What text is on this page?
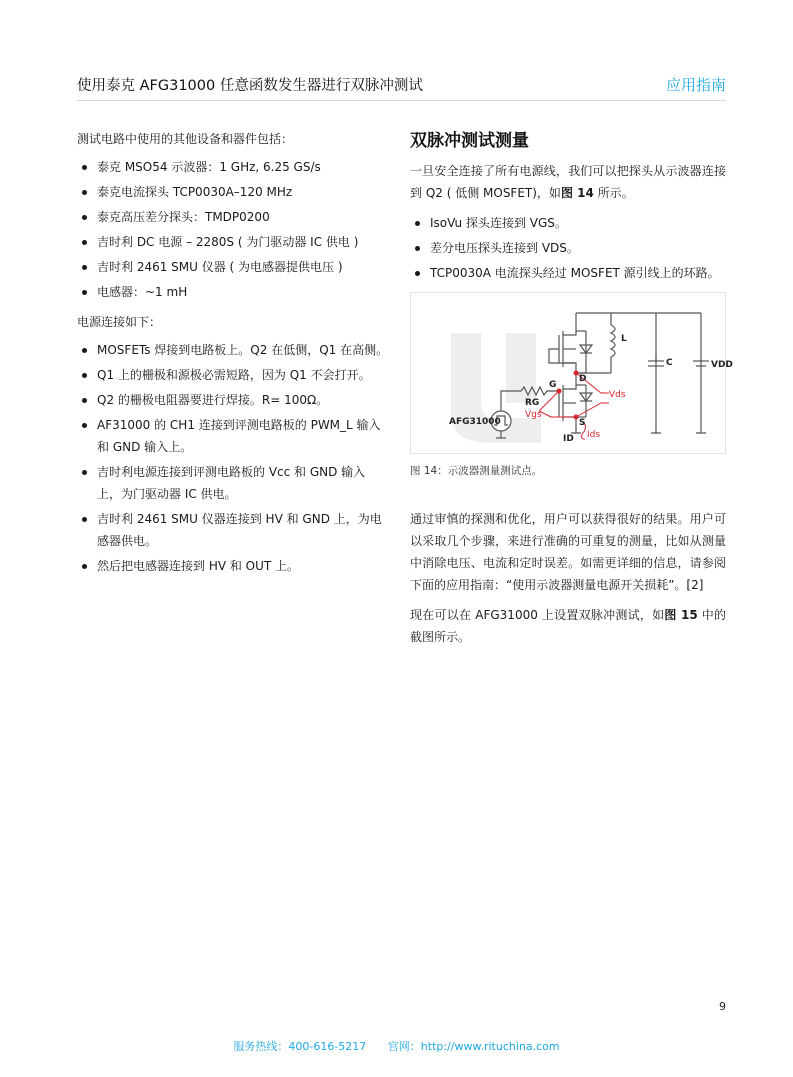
使用泰克 AFG31000 任意函数发生器进行双脉冲测试	应用指南

测试电路中使用的其他设备和器件包括：

泰克 MSO54 示波器：1 GHz, 6.25 GS/s
泰克电流探头 TCP0030A–120 MHz
泰克高压差分探头：TMDP0200
吉时利 DC 电源 – 2280S ( 为门驱动器 IC 供电 )
吉时利 2461 SMU 仪器 ( 为电感器提供电压 )
电感器：~1 mH

电源连接如下：

MOSFETs 焊接到电路板上。Q2 在低侧，Q1 在高侧。
Q1 上的栅极和源极必需短路，因为 Q1 不会打开。
Q2 的栅极电阻器要进行焊接。R= 100Ω。
AF31000 的 CH1 连接到评测电路板的 PWM_L 输入和 GND 输入上。
吉时利电源连接到评测电路板的 Vcc 和 GND 输入上，为门驱动器 IC 供电。
吉时利 2461 SMU 仪器连接到 HV 和 GND 上，为电感器供电。
然后把电感器连接到 HV 和 OUT 上。
双脉冲测试测量

一旦安全连接了所有电源线，我们可以把探头从示波器连接到 Q2 ( 低侧 MOSFET)，如图 14 所示。

IsoVu 探头连接到 VGS。
差分电压探头连接到 VDS。
TCP0030A 电流探头经过 MOSFET 源引线上的环路。
L
C	VDD
D
G
RG
S
ID
AFG31000
Vds
Vgs
Ids

图 14：示波器测量测试点。

通过审慎的探测和优化，用户可以获得很好的结果。用户可以采取几个步骤，来进行准确的可重复的测量，比如从测量中消除电压、电流和定时误差。如需更详细的信息，请参阅下面的应用指南：“使用示波器测量电源开关损耗”。[2]

现在可以在 AFG31000 上设置双脉冲测试，如图 15 中的截图所示。

9
服务热线：400-616-5217 官网：http://www.rituchina.com
